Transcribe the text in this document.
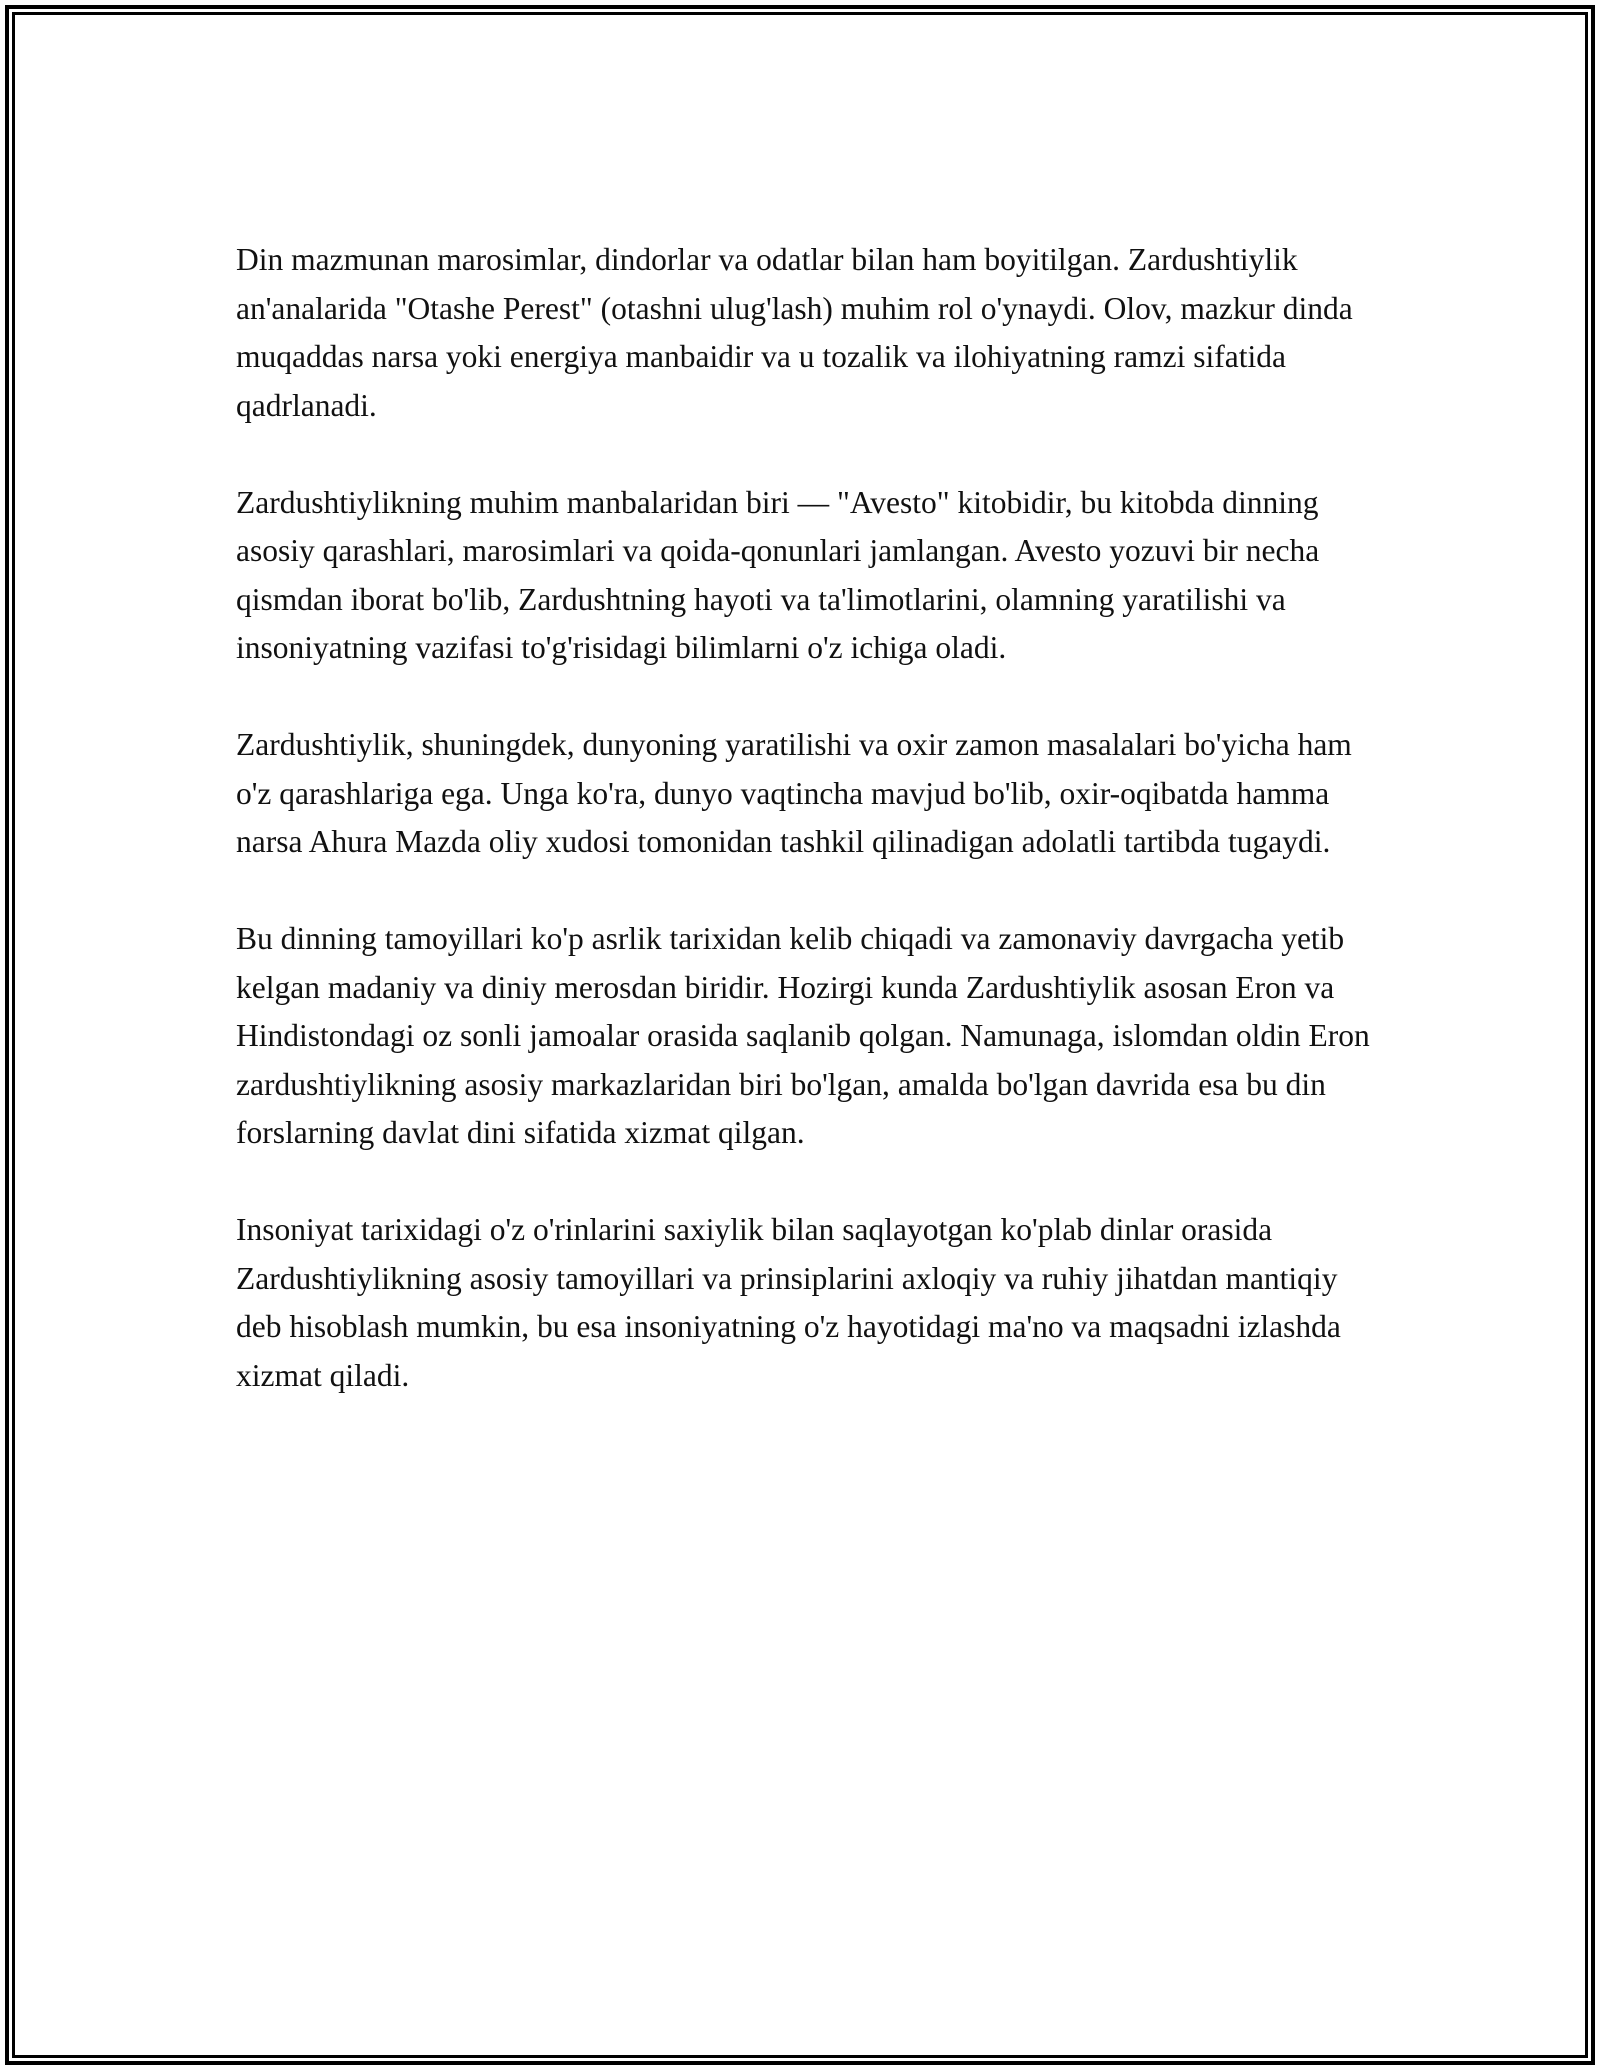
Din mazmunan marosimlar, dindorlar va odatlar bilan ham boyitilgan. Zardushtiylik an'analarida "Otashe Perest" (otashni ulug'lash) muhim rol o'ynaydi. Olov, mazkur dinda muqaddas narsa yoki energiya manbaidir va u tozalik va ilohiyatning ramzi sifatida qadrlanadi.

Zardushtiylikning muhim manbalaridan biri — "Avesto" kitobidir, bu kitobda dinning asosiy qarashlari, marosimlari va qoida-qonunlari jamlangan. Avesto yozuvi bir necha qismdan iborat bo'lib, Zardushtning hayoti va ta'limotlarini, olamning yaratilishi va insoniyatning vazifasi to'g'risidagi bilimlarni o'z ichiga oladi.

Zardushtiylik, shuningdek, dunyoning yaratilishi va oxir zamon masalalari bo'yicha ham o'z qarashlariga ega. Unga ko'ra, dunyo vaqtincha mavjud bo'lib, oxir-oqibatda hamma narsa Ahura Mazda oliy xudosi tomonidan tashkil qilinadigan adolatli tartibda tugaydi.

Bu dinning tamoyillari ko'p asrlik tarixidan kelib chiqadi va zamonaviy davrgacha yetib kelgan madaniy va diniy merosdan biridir. Hozirgi kunda Zardushtiylik asosan Eron va Hindistondagi oz sonli jamoalar orasida saqlanib qolgan. Namunaga, islomdan oldin Eron zardushtiylikning asosiy markazlaridan biri bo'lgan, amalda bo'lgan davrida esa bu din forslarning davlat dini sifatida xizmat qilgan.

Insoniyat tarixidagi o'z o'rinlarini saxiylik bilan saqlayotgan ko'plab dinlar orasida Zardushtiylikning asosiy tamoyillari va prinsiplarini axloqiy va ruhiy jihatdan mantiqiy deb hisoblash mumkin, bu esa insoniyatning o'z hayotidagi ma'no va maqsadni izlashda xizmat qiladi.
